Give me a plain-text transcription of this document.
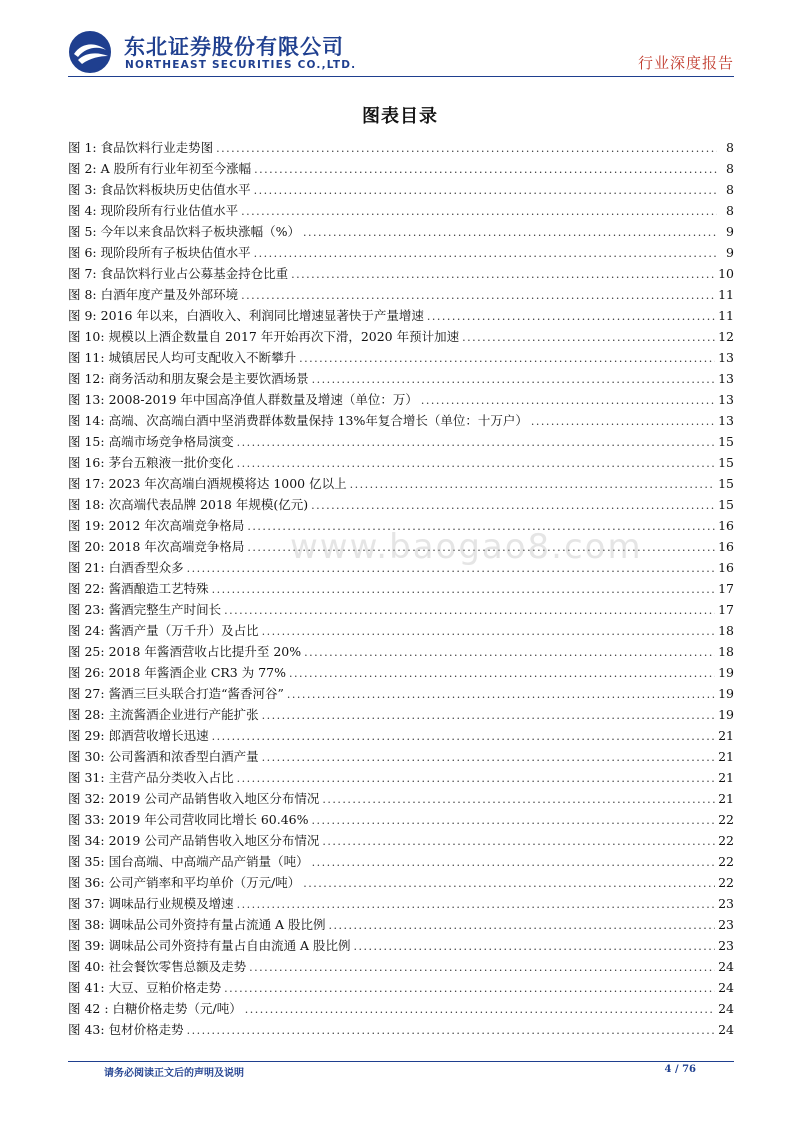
东北证券股份有限公司
NORTHEAST SECURITIES CO.,LTD.	行业深度报告
图表目录
图 1: 食品饮料行业走势图 .....	8
图 2: A 股所有行业年初至今涨幅 .....	8
图 3: 食品饮料板块历史估值水平 .....	8
图 4: 现阶段所有行业估值水平 .....	8
图 5: 今年以来食品饮料子板块涨幅（%） .....	9
图 6: 现阶段所有子板块估值水平 .....	9
图 7: 食品饮料行业占公募基金持仓比重 .....	10
图 8: 白酒年度产量及外部环境 .....	11
图 9: 2016 年以来，白酒收入、利润同比增速显著快于产量增速 .....	11
图 10: 规模以上酒企数量自 2017 年开始再次下滑，2020 年预计加速 .....	12
图 11: 城镇居民人均可支配收入不断攀升 .....	13
图 12: 商务活动和朋友聚会是主要饮酒场景 .....	13
图 13: 2008-2019 年中国高净值人群数量及增速（单位：万） .....	13
图 14: 高端、次高端白酒中坚消费群体数量保持 13%年复合增长（单位：十万户） .....	13
图 15: 高端市场竞争格局演变 .....	15
图 16: 茅台五粮液一批价变化 .....	15
图 17: 2023 年次高端白酒规模将达 1000 亿以上 .....	15
图 18: 次高端代表品牌 2018 年规模(亿元) .....	15
图 19: 2012 年次高端竞争格局 .....	16
图 20: 2018 年次高端竞争格局 .....	16
图 21: 白酒香型众多 .....	16
图 22: 酱酒酿造工艺特殊 .....	17
图 23: 酱酒完整生产时间长 .....	17
图 24: 酱酒产量（万千升）及占比 .....	18
图 25: 2018 年酱酒营收占比提升至 20% .....	18
图 26: 2018 年酱酒企业 CR3 为 77% .....	19
图 27: 酱酒三巨头联合打造“酱香河谷” .....	19
图 28: 主流酱酒企业进行产能扩张 .....	19
图 29: 郎酒营收增长迅速 .....	21
图 30: 公司酱酒和浓香型白酒产量 .....	21
图 31: 主营产品分类收入占比 .....	21
图 32: 2019 公司产品销售收入地区分布情况 .....	21
图 33: 2019 年公司营收同比增长 60.46% .....	22
图 34: 2019 公司产品销售收入地区分布情况 .....	22
图 35: 国台高端、中高端产品产销量（吨） .....	22
图 36: 公司产销率和平均单价（万元/吨） .....	22
图 37: 调味品行业规模及增速 .....	23
图 38: 调味品公司外资持有量占流通 A 股比例 .....	23
图 39: 调味品公司外资持有量占自由流通 A 股比例 .....	23
图 40: 社会餐饮零售总额及走势 .....	24
图 41: 大豆、豆粕价格走势 .....	24
图 42 : 白糖价格走势（元/吨） .....	24
图 43: 包材价格走势 .....	24
www.baogao8.com
请务必阅读正文后的声明及说明	4 / 76
